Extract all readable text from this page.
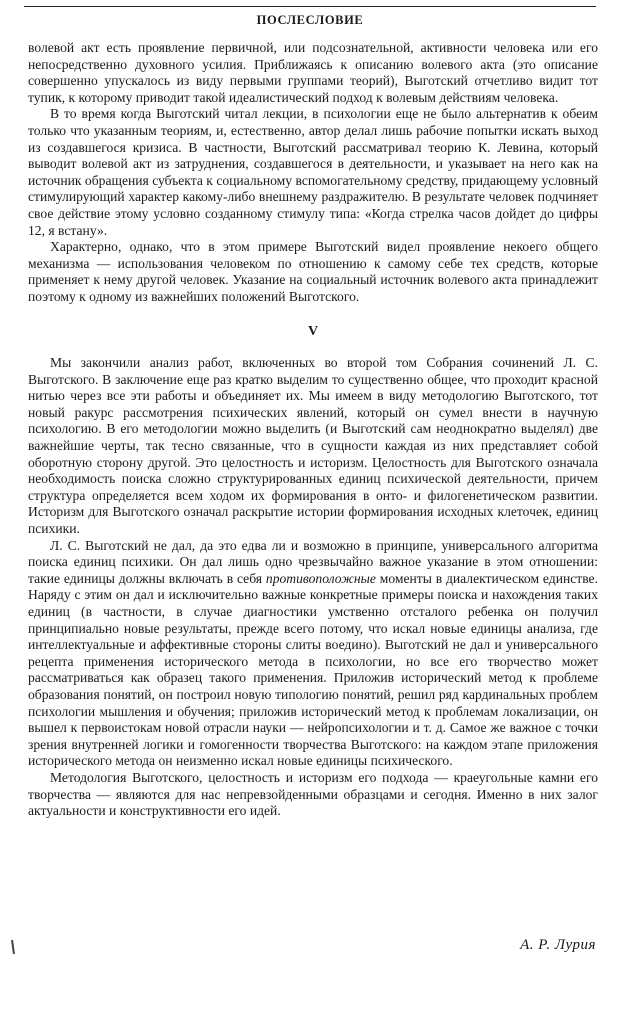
ПОСЛЕСЛОВИЕ

волевой акт есть проявление первичной, или подсознательной, активности человека или его непосредственно духовного усилия. Приближаясь к описанию волевого акта (это описание совершенно упускалось из виду первыми группами теорий), Выготский отчетливо видит тот тупик, к которому приводит такой идеалистический подход к волевым действиям человека.

В то время когда Выготский читал лекции, в психологии еще не было альтернатив к обеим только что указанным теориям, и, естественно, автор делал лишь рабочие попытки искать выход из создавшегося кризиса. В частности, Выготский рассматривал теорию К. Левина, который выводит волевой акт из затруднения, создавшегося в деятельности, и указывает на него как на источник обращения субъекта к социальному вспомогательному средству, придающему условный стимулирующий характер какому-либо внешнему раздражителю. В результате человек подчиняет свое действие этому условно созданному стимулу типа: «Когда стрелка часов дойдет до цифры 12, я встану».

Характерно, однако, что в этом примере Выготский видел проявление некоего общего механизма — использования человеком по отношению к самому себе тех средств, которые применяет к нему другой человек. Указание на социальный источник волевого акта принадлежит поэтому к одному из важнейших положений Выготского.

V

Мы закончили анализ работ, включенных во второй том Собрания сочинений Л. С. Выготского. В заключение еще раз кратко выделим то существенно общее, что проходит красной нитью через все эти работы и объединяет их. Мы имеем в виду методологию Выготского, тот новый ракурс рассмотрения психических явлений, который он сумел внести в научную психологию. В его методологии можно выделить (и Выготский сам неоднократно выделял) две важнейшие черты, так тесно связанные, что в сущности каждая из них представляет собой оборотную сторону другой. Это целостность и историзм. Целостность для Выготского означала необходимость поиска сложно структурированных единиц психической деятельности, причем структура определяется всем ходом их формирования в онто- и филогенетическом развитии. Историзм для Выготского означал раскрытие истории формирования исходных клеточек, единиц психики.

Л. С. Выготский не дал, да это едва ли и возможно в принципе, универсального алгоритма поиска единиц психики. Он дал лишь одно чрезвычайно важное указание в этом отношении: такие единицы должны включать в себя противоположные моменты в диалектическом единстве. Наряду с этим он дал и исключительно важные конкретные примеры поиска и нахождения таких единиц (в частности, в случае диагностики умственно отсталого ребенка он получил принципиально новые результаты, прежде всего потому, что искал новые единицы анализа, где интеллектуальные и аффективные стороны слиты воедино). Выготский не дал и универсального рецепта применения исторического метода в психологии, но все его творчество может рассматриваться как образец такого применения. Приложив исторический метод к проблеме образования понятий, он построил новую типологию понятий, решил ряд кардинальных проблем психологии мышления и обучения; приложив исторический метод к проблемам локализации, он вышел к первоистокам новой отрасли науки — нейропсихологии и т. д. Самое же важное с точки зрения внутренней логики и гомогенности творчества Выготского: на каждом этапе приложения исторического метода он неизменно искал новые единицы психического.

Методология Выготского, целостность и историзм его подхода — краеугольные камни его творчества — являются для нас непревзойденными образцами и сегодня. Именно в них залог актуальности и конструктивности его идей.

А. Р. Лурия
